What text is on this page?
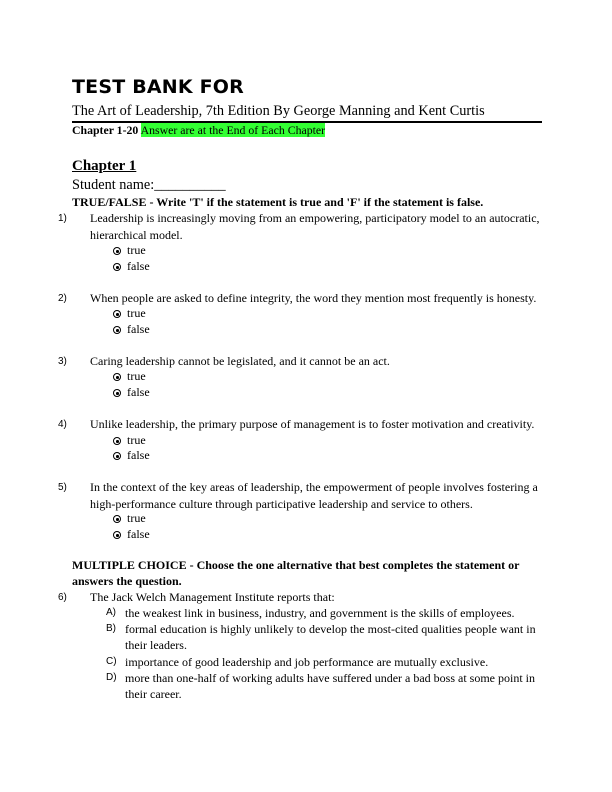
TEST BANK FOR
The Art of Leadership, 7th Edition By George Manning and Kent Curtis
Chapter 1-20 Answer are at the End of Each Chapter
Chapter 1
Student name:__________
TRUE/FALSE - Write 'T' if the statement is true and 'F' if the statement is false.
1) Leadership is increasingly moving from an empowering, participatory model to an autocratic, hierarchical model.
true
false
2) When people are asked to define integrity, the word they mention most frequently is honesty.
true
false
3) Caring leadership cannot be legislated, and it cannot be an act.
true
false
4) Unlike leadership, the primary purpose of management is to foster motivation and creativity.
true
false
5) In the context of the key areas of leadership, the empowerment of people involves fostering a high-performance culture through participative leadership and service to others.
true
false
MULTIPLE CHOICE - Choose the one alternative that best completes the statement or answers the question.
6) The Jack Welch Management Institute reports that:
A) the weakest link in business, industry, and government is the skills of employees.
B) formal education is highly unlikely to develop the most-cited qualities people want in their leaders.
C) importance of good leadership and job performance are mutually exclusive.
D) more than one-half of working adults have suffered under a bad boss at some point in their career.
